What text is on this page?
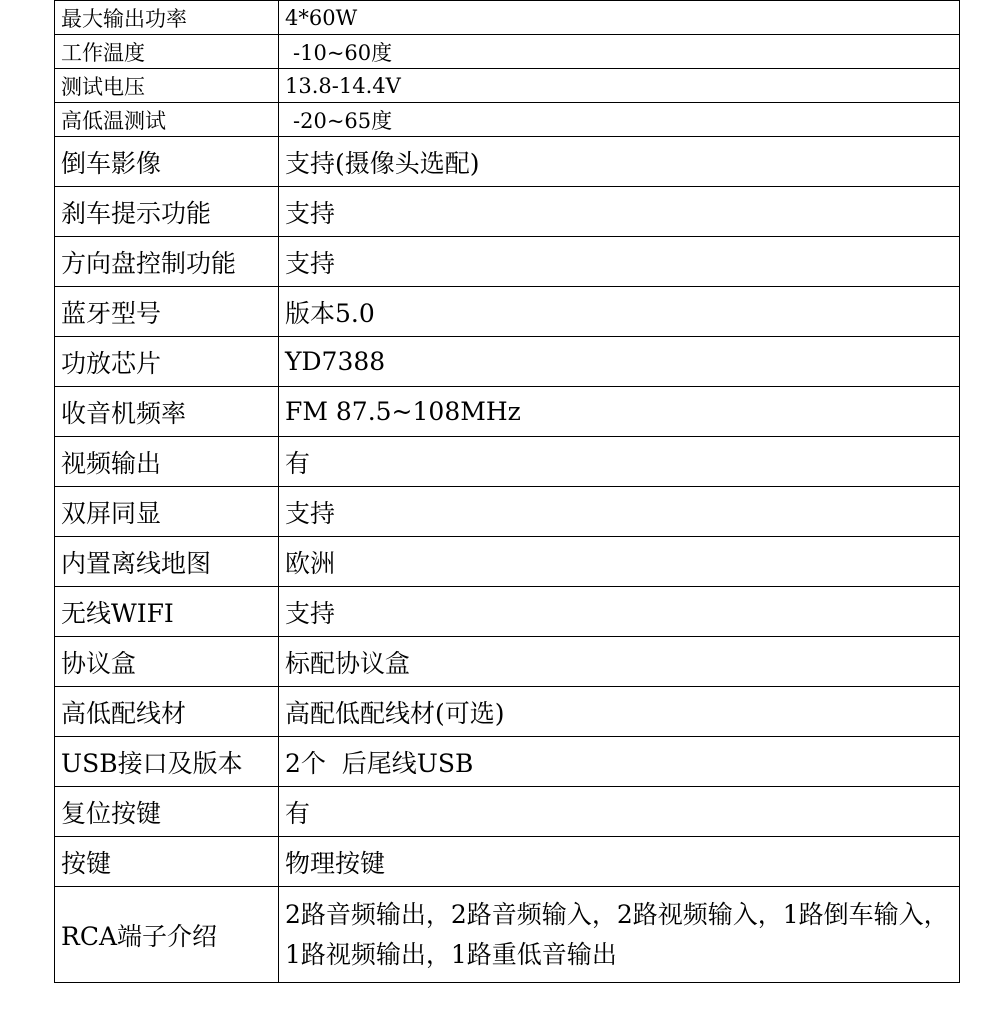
最大输出功率	4*60W
工作温度	-10~60度
测试电压	13.8-14.4V
高低温测试	-20~65度
倒车影像	支持(摄像头选配)
刹车提示功能	支持
方向盘控制功能	支持
蓝牙型号	版本5.0
功放芯片	YD7388
收音机频率	FM 87.5~108MHz
视频输出	有
双屏同显	支持
内置离线地图	欧洲
无线WIFI	支持
协议盒	标配协议盒
高低配线材	高配低配线材(可选)
USB接口及版本	2个  后尾线USB
复位按键	有
按键	物理按键
RCA端子介绍	2路音频输出，2路音频输入，2路视频输入，1路倒车输入，1路视频输出，1路重低音输出
